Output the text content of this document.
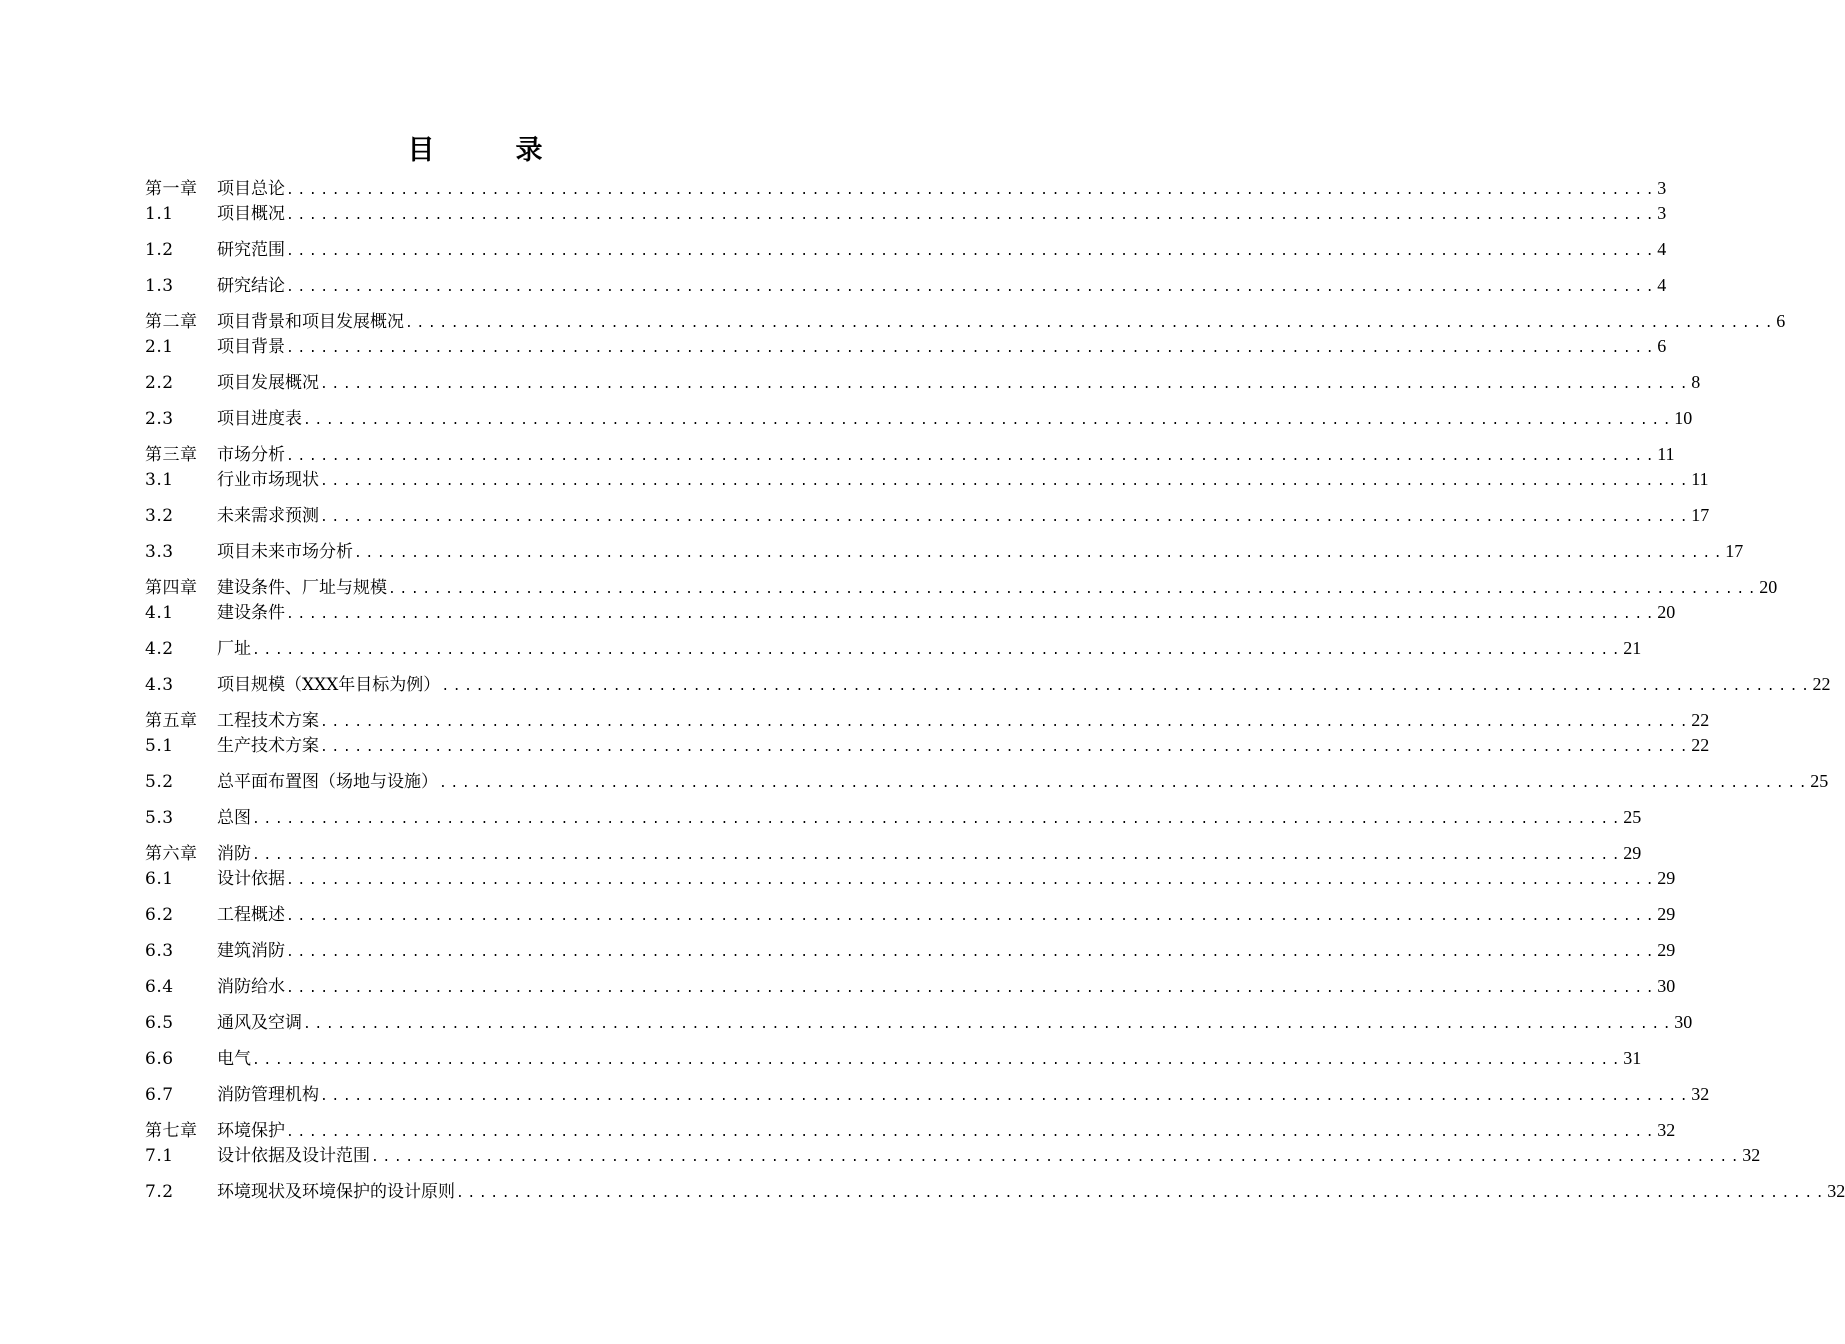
目　　　录
第一章	项目总论 ........................................................................................................................ 3
1.1	项目概况 ........................................................................................................................ 3
1.2	研究范围 ........................................................................................................................ 4
1.3	研究结论 ........................................................................................................................ 4
第二章	项目背景和项目发展概况 ........................................................................................................................ 6
2.1	项目背景 ........................................................................................................................ 6
2.2	项目发展概况 ........................................................................................................................ 8
2.3	项目进度表 ........................................................................................................................ 10
第三章	市场分析 ........................................................................................................................ 11
3.1	行业市场现状 ........................................................................................................................ 11
3.2	未来需求预测 ........................................................................................................................ 17
3.3	项目未来市场分析 ........................................................................................................................ 17
第四章	建设条件、厂址与规模 ........................................................................................................................ 20
4.1	建设条件 ........................................................................................................................ 20
4.2	厂址 ........................................................................................................................ 21
4.3	项目规模（XXX年目标为例） ........................................................................................................................ 22
第五章	工程技术方案 ........................................................................................................................ 22
5.1	生产技术方案 ........................................................................................................................ 22
5.2	总平面布置图（场地与设施） ........................................................................................................................ 25
5.3	总图 ........................................................................................................................ 25
第六章	消防 ........................................................................................................................ 29
6.1	设计依据 ........................................................................................................................ 29
6.2	工程概述 ........................................................................................................................ 29
6.3	建筑消防 ........................................................................................................................ 29
6.4	消防给水 ........................................................................................................................ 30
6.5	通风及空调 ........................................................................................................................ 30
6.6	电气 ........................................................................................................................ 31
6.7	消防管理机构 ........................................................................................................................ 32
第七章	环境保护 ........................................................................................................................ 32
7.1	设计依据及设计范围 ........................................................................................................................ 32
7.2	环境现状及环境保护的设计原则 ........................................................................................................................ 32
